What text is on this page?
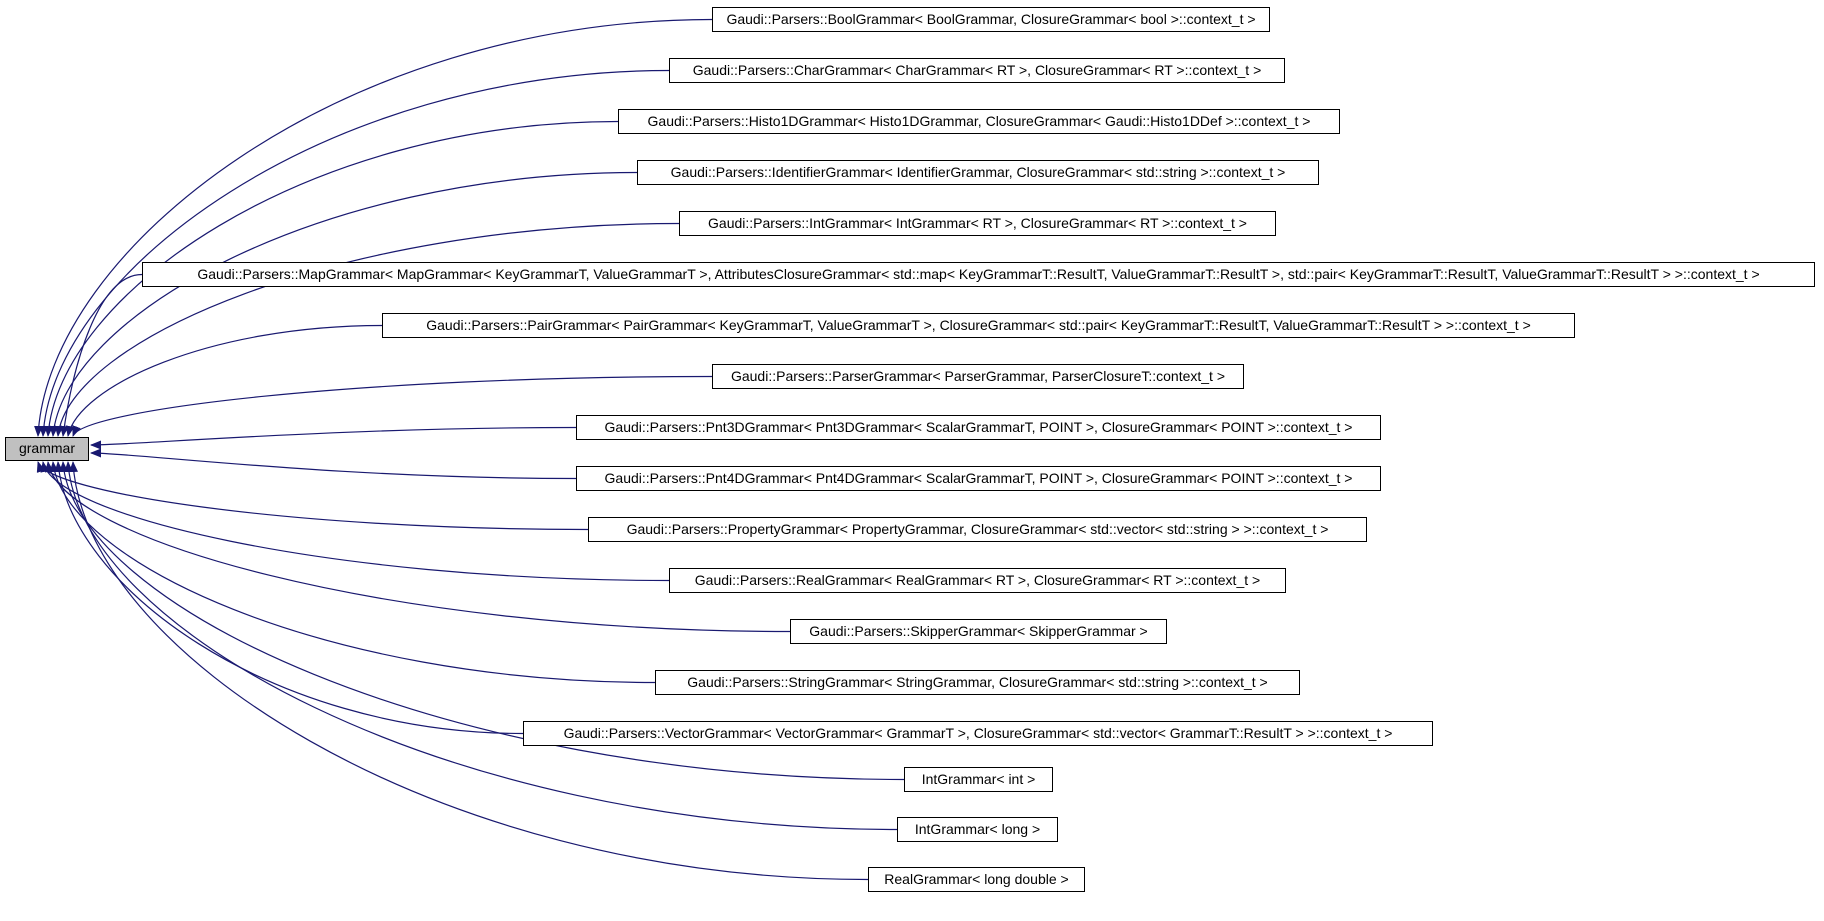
grammar
Gaudi::Parsers::BoolGrammar< BoolGrammar, ClosureGrammar< bool >::context_t >
Gaudi::Parsers::CharGrammar< CharGrammar< RT >, ClosureGrammar< RT >::context_t >
Gaudi::Parsers::Histo1DGrammar< Histo1DGrammar, ClosureGrammar< Gaudi::Histo1DDef >::context_t >
Gaudi::Parsers::IdentifierGrammar< IdentifierGrammar, ClosureGrammar< std::string >::context_t >
Gaudi::Parsers::IntGrammar< IntGrammar< RT >, ClosureGrammar< RT >::context_t >
Gaudi::Parsers::MapGrammar< MapGrammar< KeyGrammarT, ValueGrammarT >, AttributesClosureGrammar< std::map< KeyGrammarT::ResultT, ValueGrammarT::ResultT >, std::pair< KeyGrammarT::ResultT, ValueGrammarT::ResultT > >::context_t >
Gaudi::Parsers::PairGrammar< PairGrammar< KeyGrammarT, ValueGrammarT >, ClosureGrammar< std::pair< KeyGrammarT::ResultT, ValueGrammarT::ResultT > >::context_t >
Gaudi::Parsers::ParserGrammar< ParserGrammar, ParserClosureT::context_t >
Gaudi::Parsers::Pnt3DGrammar< Pnt3DGrammar< ScalarGrammarT, POINT >, ClosureGrammar< POINT >::context_t >
Gaudi::Parsers::Pnt4DGrammar< Pnt4DGrammar< ScalarGrammarT, POINT >, ClosureGrammar< POINT >::context_t >
Gaudi::Parsers::PropertyGrammar< PropertyGrammar, ClosureGrammar< std::vector< std::string > >::context_t >
Gaudi::Parsers::RealGrammar< RealGrammar< RT >, ClosureGrammar< RT >::context_t >
Gaudi::Parsers::SkipperGrammar< SkipperGrammar >
Gaudi::Parsers::StringGrammar< StringGrammar, ClosureGrammar< std::string >::context_t >
Gaudi::Parsers::VectorGrammar< VectorGrammar< GrammarT >, ClosureGrammar< std::vector< GrammarT::ResultT > >::context_t >
IntGrammar< int >
IntGrammar< long >
RealGrammar< long double >
